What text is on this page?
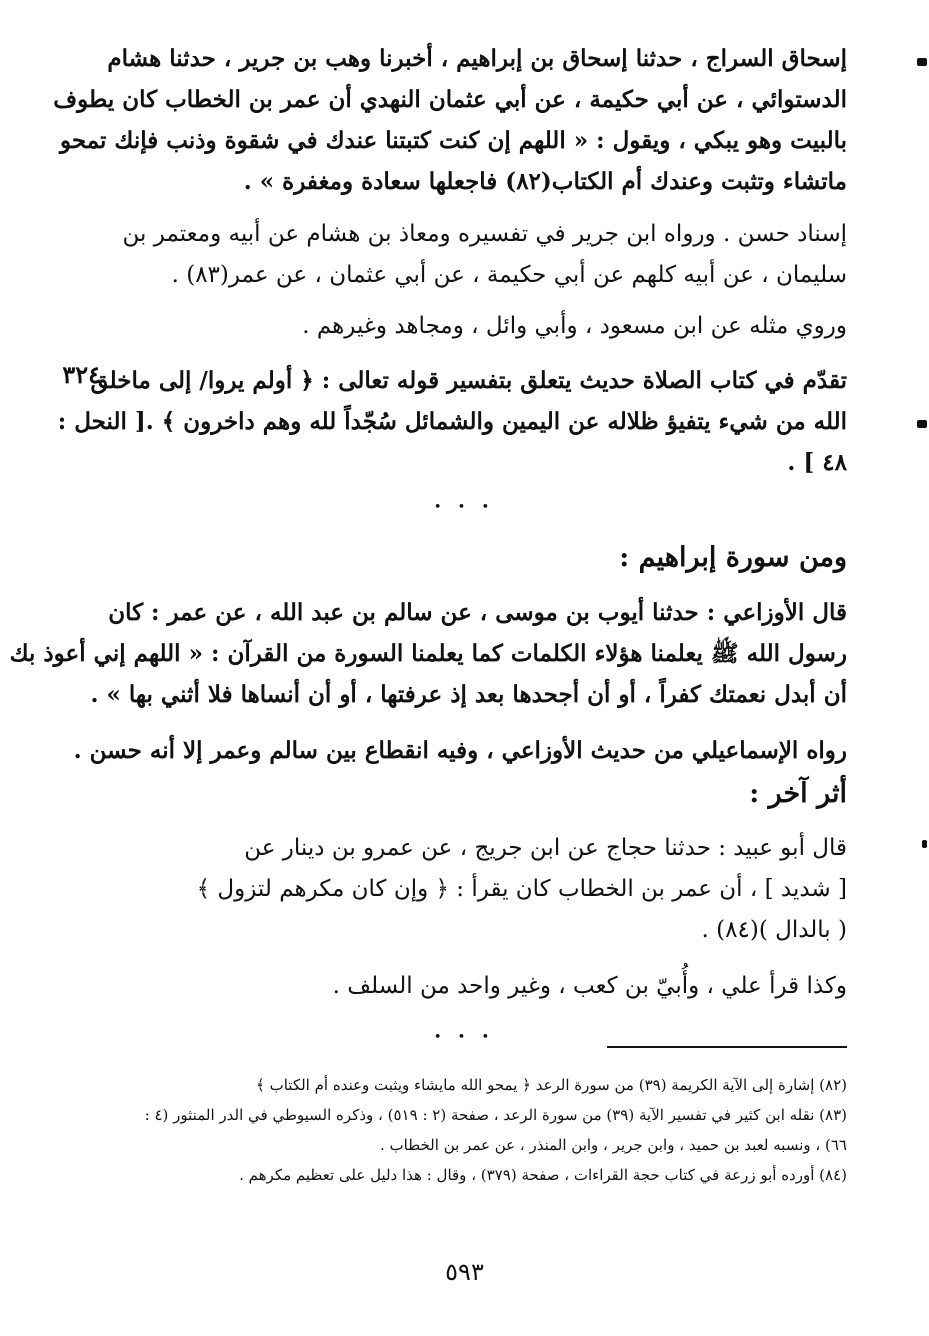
إسحاق السراج ، حدثنا إسحاق بن إبراهيم ، أخبرنا وهب بن جرير ، حدثنا هشام
الدستوائي ، عن أبي حكيمة ، عن أبي عثمان النهدي أن عمر بن الخطاب كان يطوف
بالبيت وهو يبكي ، ويقول : « اللهم إن كنت كتبتنا عندك في شقوة وذنب فإنك تمحو
ماتشاء وتثبت وعندك أم الكتاب(٨٢) فاجعلها سعادة ومغفرة » .

إسناد حسن . ورواه ابن جرير في تفسيره ومعاذ بن هشام عن أبيه ومعتمر بن
سليمان ، عن أبيه كلهم عن أبي حكيمة ، عن أبي عثمان ، عن عمر(٨٣) .

وروي مثله عن ابن مسعود ، وأبي وائل ، ومجاهد وغيرهم .

٣٢٤

تقدّم في كتاب الصلاة حديث يتعلق بتفسير قوله تعالى : ﴿ أولم يروا/ إلى ماخلق
الله من شيء يتفيؤ ظلاله عن اليمين والشمائل سُجّداً لله وهم داخرون ﴾ .[ النحل :
٤٨ ] .

• • •
ومن سورة إبراهيم :

قال الأوزاعي : حدثنا أيوب بن موسى ، عن سالم بن عبد الله ، عن عمر : كان
رسول الله ﷺ يعلمنا هؤلاء الكلمات كما يعلمنا السورة من القرآن : « اللهم إني أعوذ بك
أن أبدل نعمتك كفراً ، أو أن أجحدها بعد إذ عرفتها ، أو أن أنساها فلا أثني بها » .

رواه الإسماعيلي من حديث الأوزاعي ، وفيه انقطاع بين سالم وعمر إلا أنه حسن .

أثر آخر :

قال أبو عبيد : حدثنا حجاج عن ابن جريج ، عن عمرو بن دينار عن
[ شديد ] ، أن عمر بن الخطاب كان يقرأ : ﴿ وإن كان مكرهم لتزول ﴾
( بالدال )(٨٤) .

وكذا قرأ علي ، وأُبيّ بن كعب ، وغير واحد من السلف .

• • •
(٨٢) إشارة إلى الآية الكريمة (٣٩) من سورة الرعد ﴿ يمحو الله مايشاء ويثبت وعنده أم الكتاب ﴾
(٨٣) نقله ابن كثير في تفسير الآية (٣٩) من سورة الرعد ، صفحة (٢ : ٥١٩) ، وذكره السيوطي في الدر المنثور (٤ :
٦٦) ، ونسبه لعبد بن حميد ، وابن جرير ، وابن المنذر ، عن عمر بن الخطاب .
(٨٤) أورده أبو زرعة في كتاب حجة القراءات ، صفحة (٣٧٩) ، وقال : هذا دليل على تعظيم مكرهم .
٥٩٣
